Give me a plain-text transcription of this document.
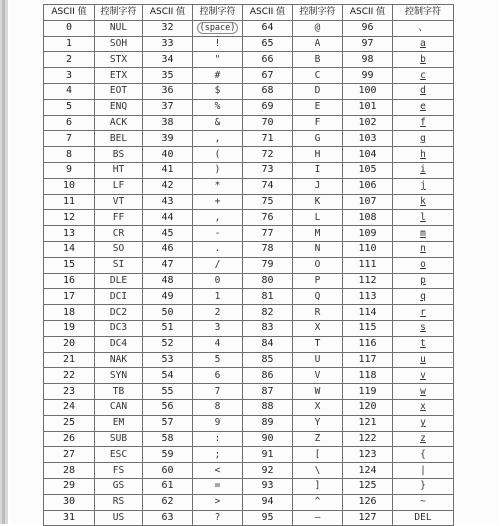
ASCII 值	控制字符	ASCII 值	控制字符	ASCII 值	控制字符	ASCII 值	控制字符
0	NUL	32	(space)	64	@	96	、
1	SOH	33	!	65	A	97	a
2	STX	34	"	66	B	98	b
3	ETX	35	#	67	C	99	c
4	EOT	36	$	68	D	100	d
5	ENQ	37	%	69	E	101	e
6	ACK	38	&	70	F	102	f
7	BEL	39	,	71	G	103	g
8	BS	40	(	72	H	104	h
9	HT	41	)	73	I	105	i
10	LF	42	*	74	J	106	j
11	VT	43	+	75	K	107	k
12	FF	44	,	76	L	108	l
13	CR	45	-	77	M	109	m
14	SO	46	.	78	N	110	n
15	SI	47	/	79	O	111	o
16	DLE	48	0	80	P	112	p
17	DCI	49	1	81	Q	113	q
18	DC2	50	2	82	R	114	r
19	DC3	51	3	83	X	115	s
20	DC4	52	4	84	T	116	t
21	NAK	53	5	85	U	117	u
22	SYN	54	6	86	V	118	v
23	TB	55	7	87	W	119	w
24	CAN	56	8	88	X	120	x
25	EM	57	9	89	Y	121	y
26	SUB	58	:	90	Z	122	z
27	ESC	59	;	91	[	123	{
28	FS	60	<	92	\	124	|
29	GS	61	=	93	]	125	}
30	RS	62	>	94	^	126	~
31	US	63	?	95	—	127	DEL
